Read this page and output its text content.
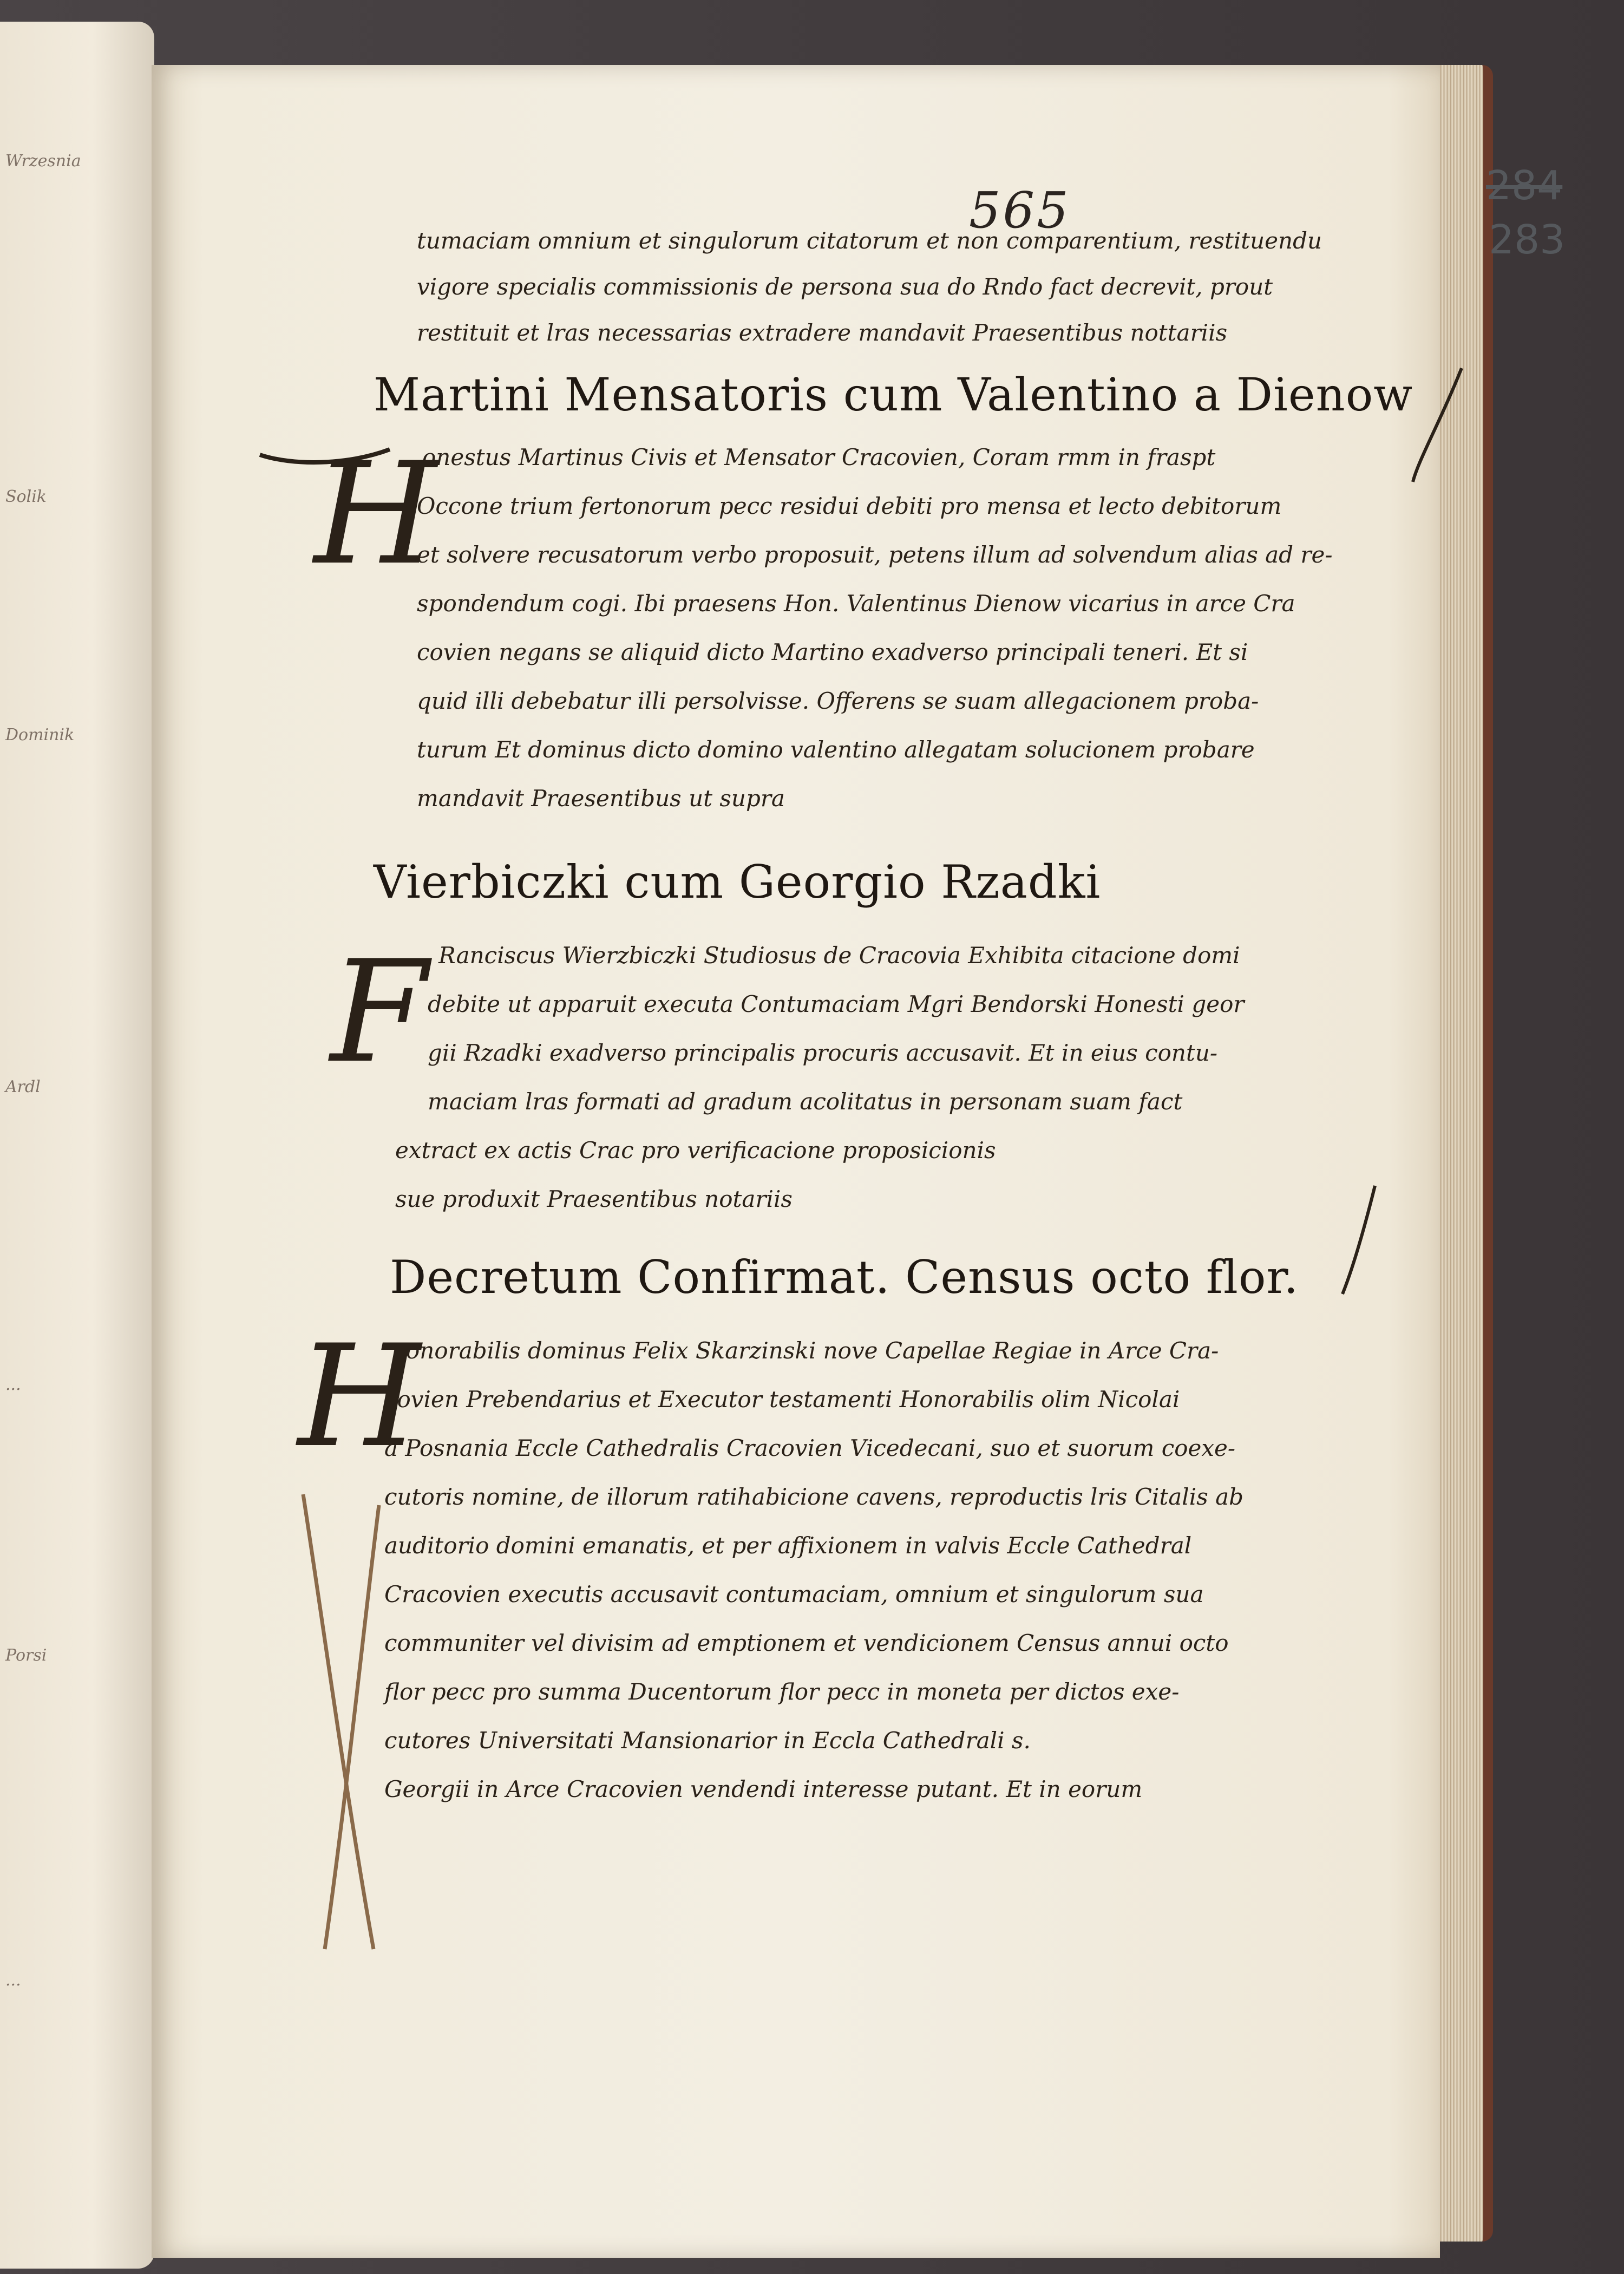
Wrzesnia
Solik
Dominik
Ardl
...
Porsi
...
565	284
283
tumaciam omnium et singulorum citatorum et non comparentium, restituendu
vigore specialis commissionis de persona sua do Rndo fact decrevit, prout
restituit et lras necessarias extradere mandavit Praesentibus nottariis
Martini Mensatoris cum Valentino a Dienow
H
onestus Martinus Civis et Mensator Cracovien, Coram rmm in fraspt
Occone trium fertonorum pecc residui debiti pro mensa et lecto debitorum
et solvere recusatorum verbo proposuit, petens illum ad solvendum alias ad re-
spondendum cogi. Ibi praesens Hon. Valentinus Dienow vicarius in arce Cra
covien negans se aliquid dicto Martino exadverso principali teneri. Et si
quid illi debebatur illi persolvisse. Offerens se suam allegacionem proba-
turum Et dominus dicto domino valentino allegatam solucionem probare
mandavit Praesentibus ut supra
Vierbiczki cum Georgio Rzadki
F Ranciscus Wierzbiczki Studiosus de Cracovia Exhibita citacione domi
debite ut apparuit executa Contumaciam Mgri Bendorski Honesti geor
gii Rzadki exadverso principalis procuris accusavit. Et in eius contu-
maciam lras formati ad gradum acolitatus in personam suam fact
extract ex actis Crac pro verificacione proposicionis
sue produxit Praesentibus notariis
Decretum Confirmat. Census octo flor.
H
onorabilis dominus Felix Skarzinski nove Capellae Regiae in Arce Cra-
covien Prebendarius et Executor testamenti Honorabilis olim Nicolai
a Posnania Eccle Cathedralis Cracovien Vicedecani, suo et suorum coexe-
cutoris nomine, de illorum ratihabicione cavens, reproductis lris Citalis ab
auditorio domini emanatis, et per affixionem in valvis Eccle Cathedral
Cracovien executis accusavit contumaciam, omnium et singulorum sua
communiter vel divisim ad emptionem et vendicionem Census annui octo
flor pecc pro summa Ducentorum flor pecc in moneta per dictos exe-
cutores Universitati Mansionarior in Eccla Cathedrali s.
Georgii in Arce Cracovien vendendi interesse putant. Et in eorum
